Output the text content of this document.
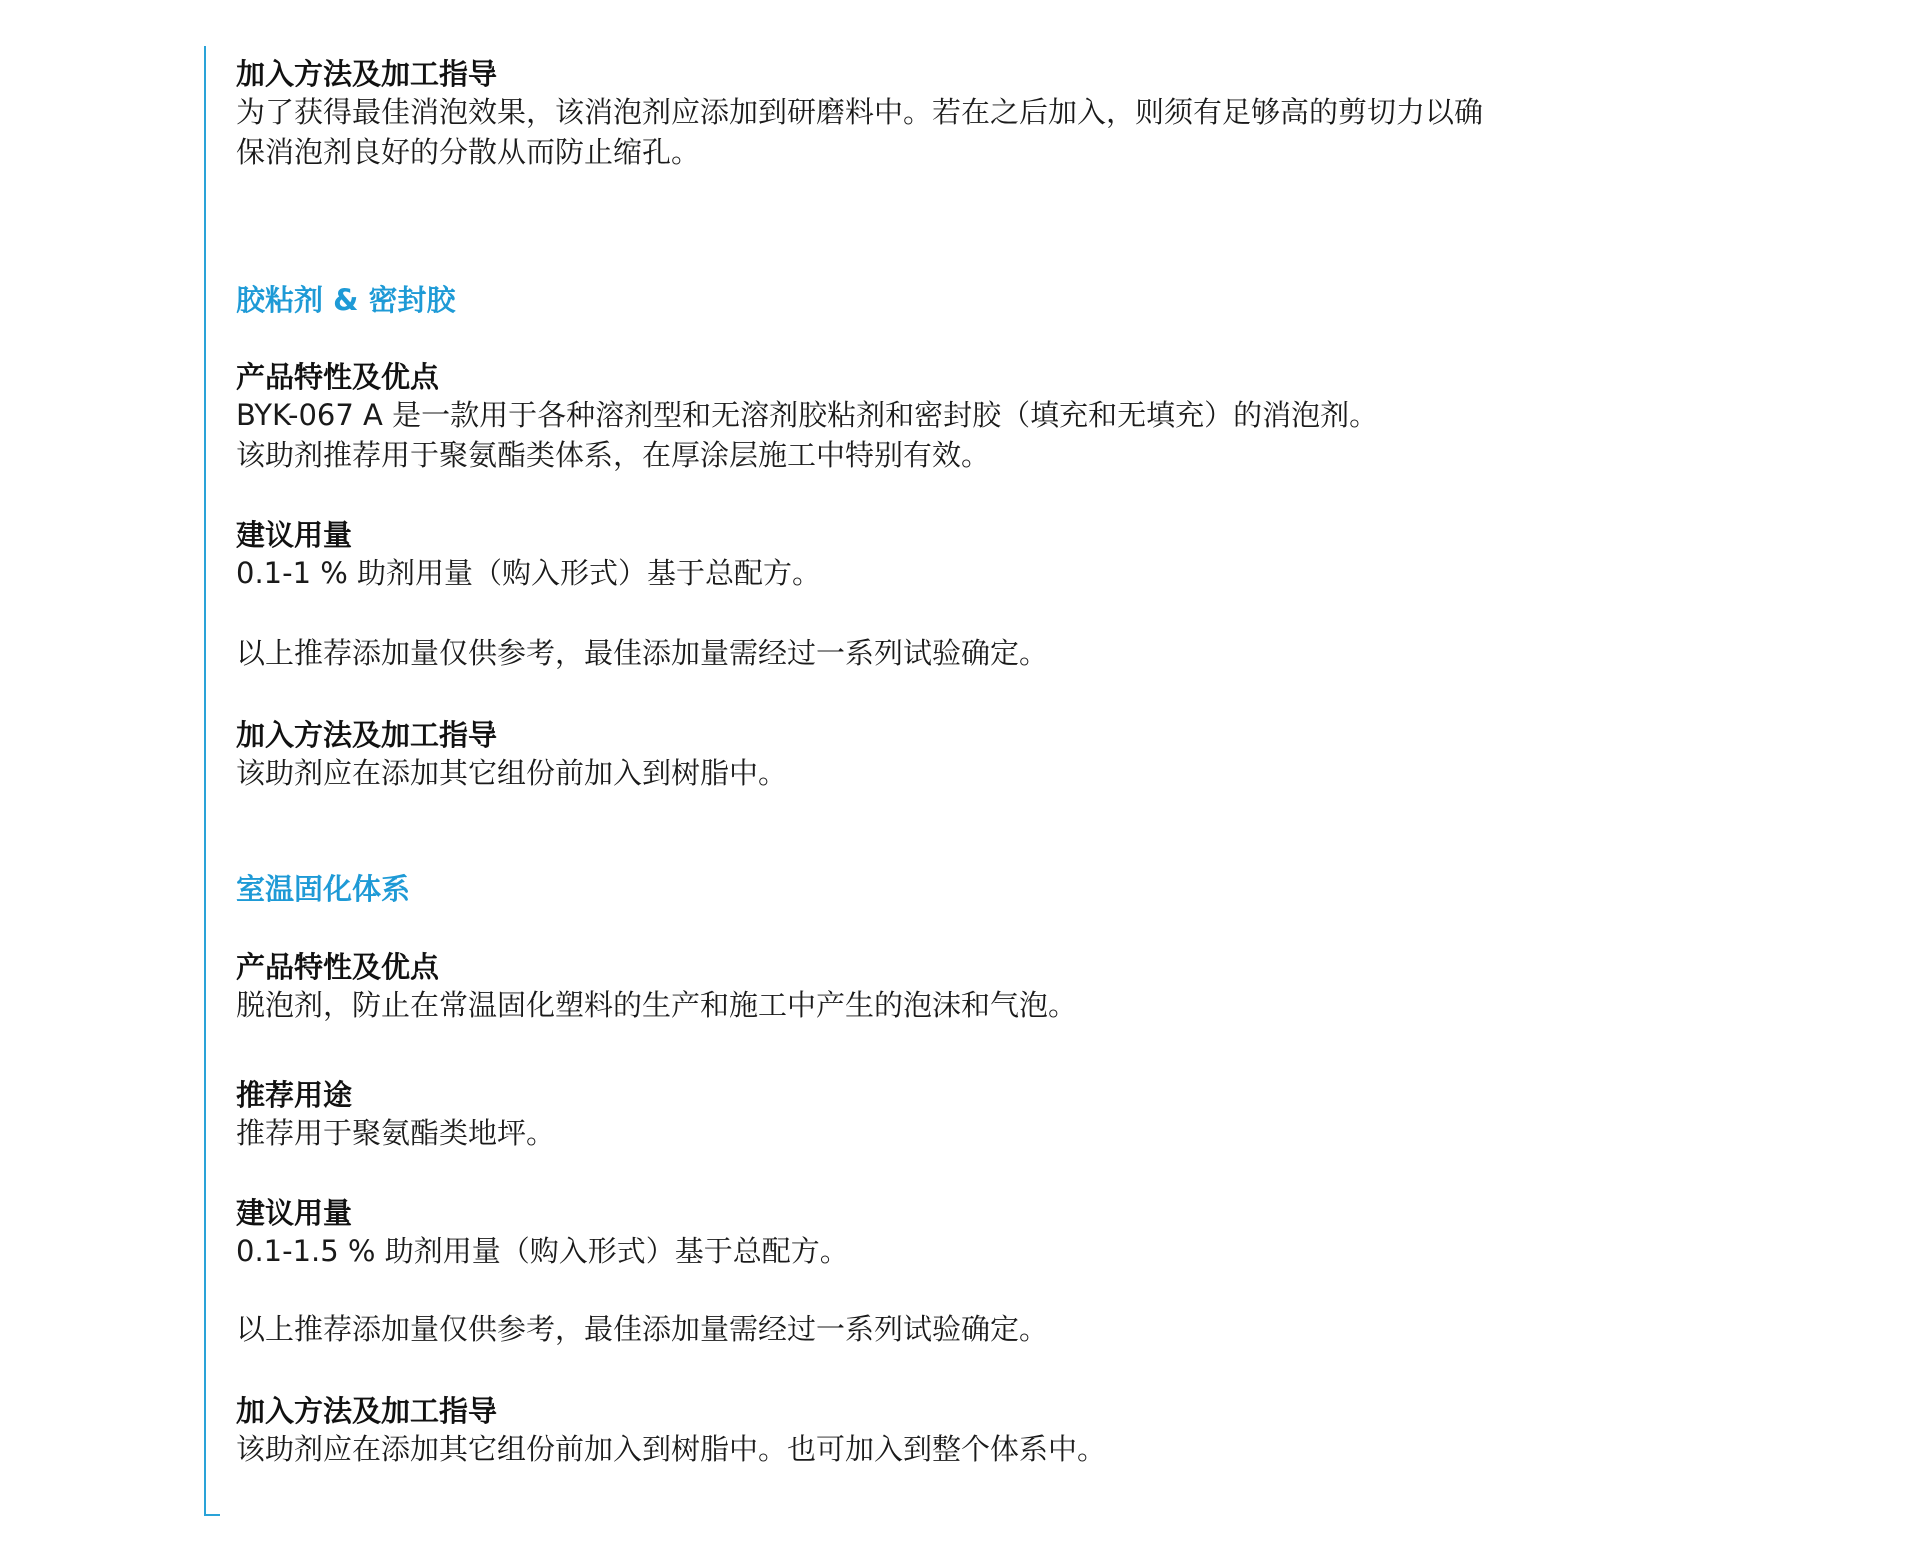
加入方法及加工指导
为了获得最佳消泡效果，该消泡剂应添加到研磨料中。若在之后加入，则须有足够高的剪切力以确
保消泡剂良好的分散从而防止缩孔。
胶粘剂 & 密封胶
产品特性及优点
BYK-067 A 是一款用于各种溶剂型和无溶剂胶粘剂和密封胶（填充和无填充）的消泡剂。
该助剂推荐用于聚氨酯类体系，在厚涂层施工中特别有效。
建议用量
0.1-1 % 助剂用量（购入形式）基于总配方。
以上推荐添加量仅供参考，最佳添加量需经过一系列试验确定。
加入方法及加工指导
该助剂应在添加其它组份前加入到树脂中。
室温固化体系
产品特性及优点
脱泡剂，防止在常温固化塑料的生产和施工中产生的泡沫和气泡。
推荐用途
推荐用于聚氨酯类地坪。
建议用量
0.1-1.5 % 助剂用量（购入形式）基于总配方。
以上推荐添加量仅供参考，最佳添加量需经过一系列试验确定。
加入方法及加工指导
该助剂应在添加其它组份前加入到树脂中。也可加入到整个体系中。
